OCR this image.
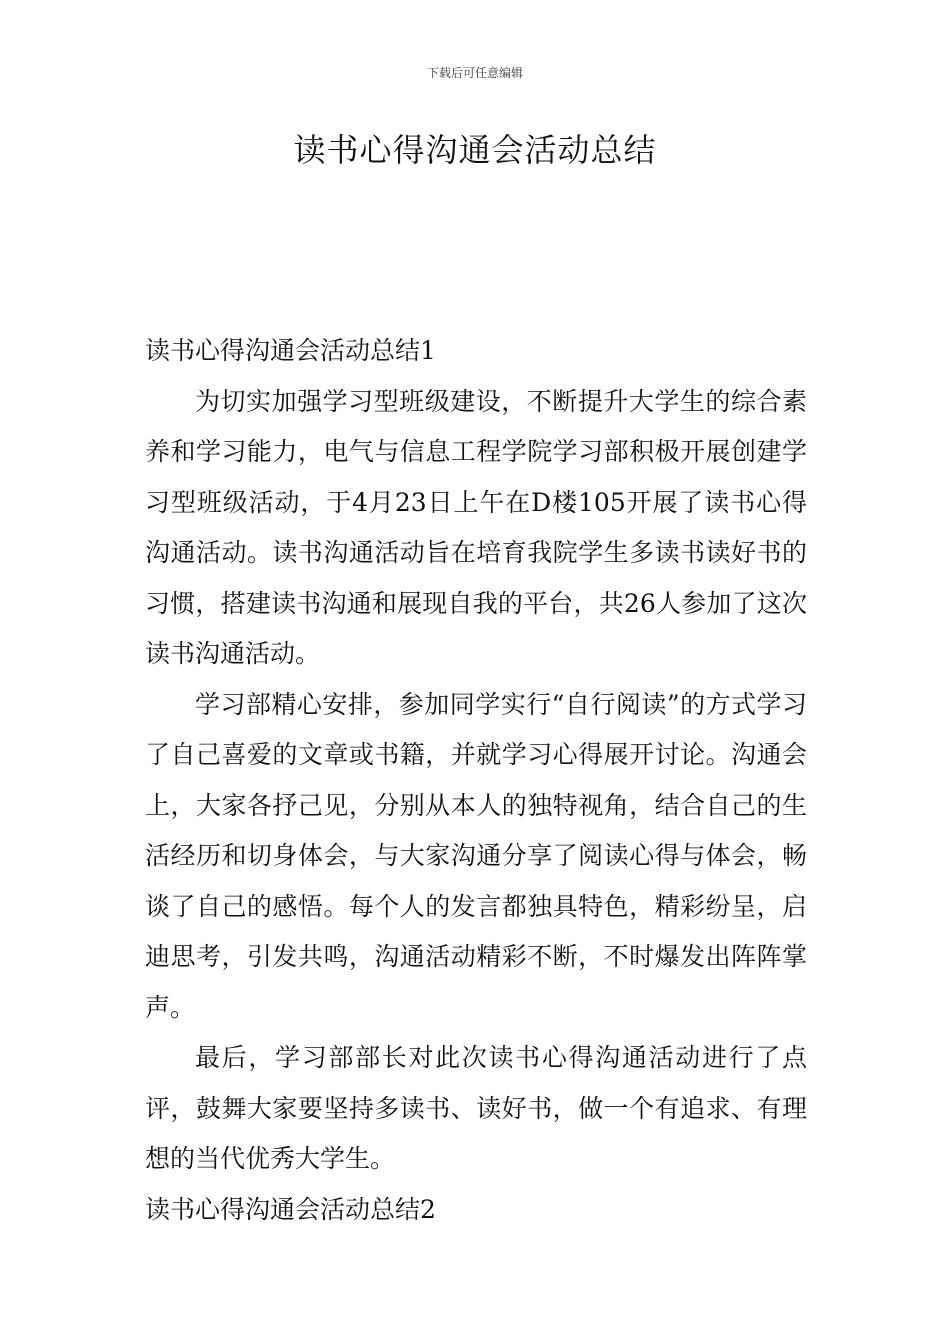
下载后可任意编辑
读书心得沟通会活动总结
读书心得沟通会活动总结1

为切实加强学习型班级建设，不断提升大学生的综合素养和学习能力，电气与信息工程学院学习部积极开展创建学习型班级活动，于4月23日上午在D楼105开展了读书心得沟通活动。读书沟通活动旨在培育我院学生多读书读好书的习惯，搭建读书沟通和展现自我的平台，共26人参加了这次读书沟通活动。

学习部精心安排，参加同学实行“自行阅读”的方式学习了自己喜爱的文章或书籍，并就学习心得展开讨论。沟通会上，大家各抒己见，分别从本人的独特视角，结合自己的生活经历和切身体会，与大家沟通分享了阅读心得与体会，畅谈了自己的感悟。每个人的发言都独具特色，精彩纷呈，启迪思考，引发共鸣，沟通活动精彩不断，不时爆发出阵阵掌声。

最后，学习部部长对此次读书心得沟通活动进行了点评，鼓舞大家要坚持多读书、读好书，做一个有追求、有理想的当代优秀大学生。

读书心得沟通会活动总结2
